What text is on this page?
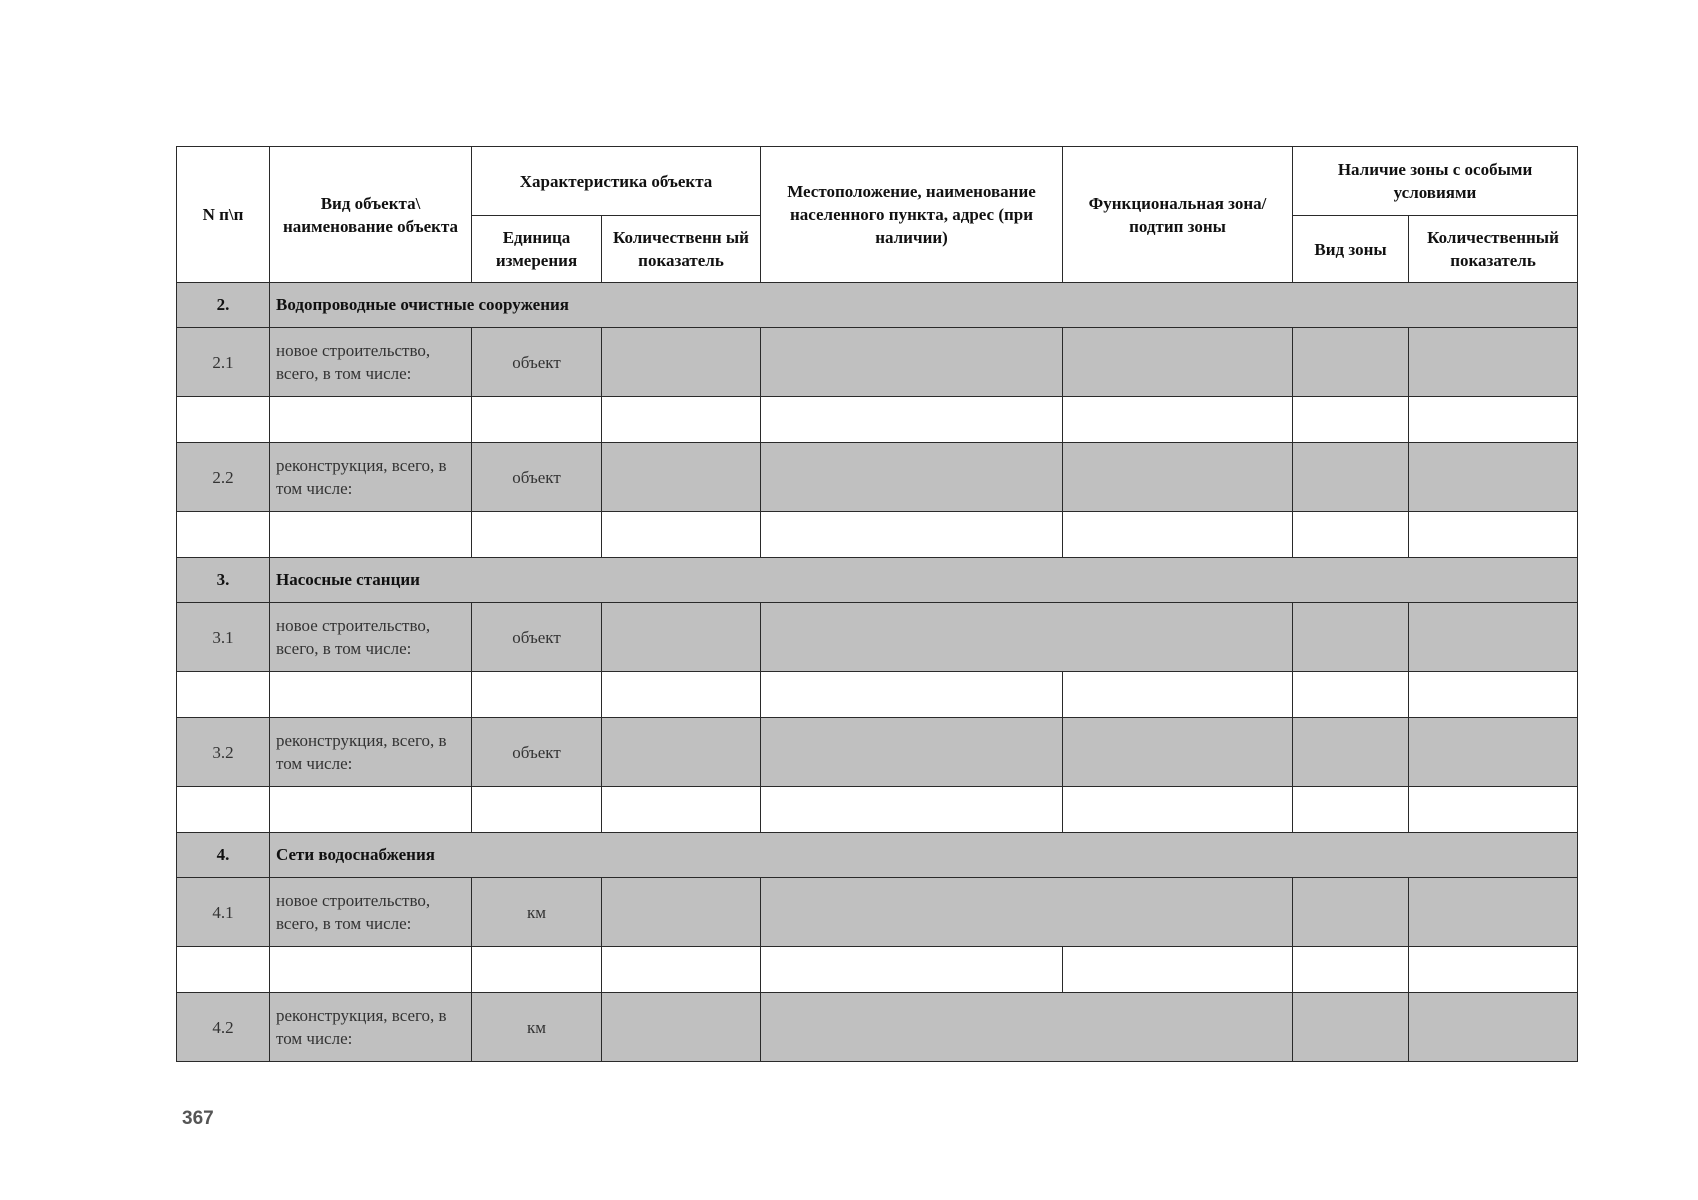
N п\п	Вид объекта\ наименование объекта	Характеристика объекта		Местоположение, наименование населенного пункта, адрес (при наличии)	Функциональная зона/ подтип зоны	Наличие зоны с особыми условиями	
		Единица измерения	Количественн ый показатель			Вид зоны	Количественный показатель
2.	Водопроводные очистные сооружения						
2.1	новое строительство, всего, в том числе:	объект					

2.2	реконструкция, всего, в том числе:	объект					

3.	Насосные станции						
3.1	новое строительство, всего, в том числе:	объект					

3.2	реконструкция, всего, в том числе:	объект					

4.	Сети водоснабжения						
4.1	новое строительство, всего, в том числе:	км					

4.2	реконструкция, всего, в том числе:	км					
367
